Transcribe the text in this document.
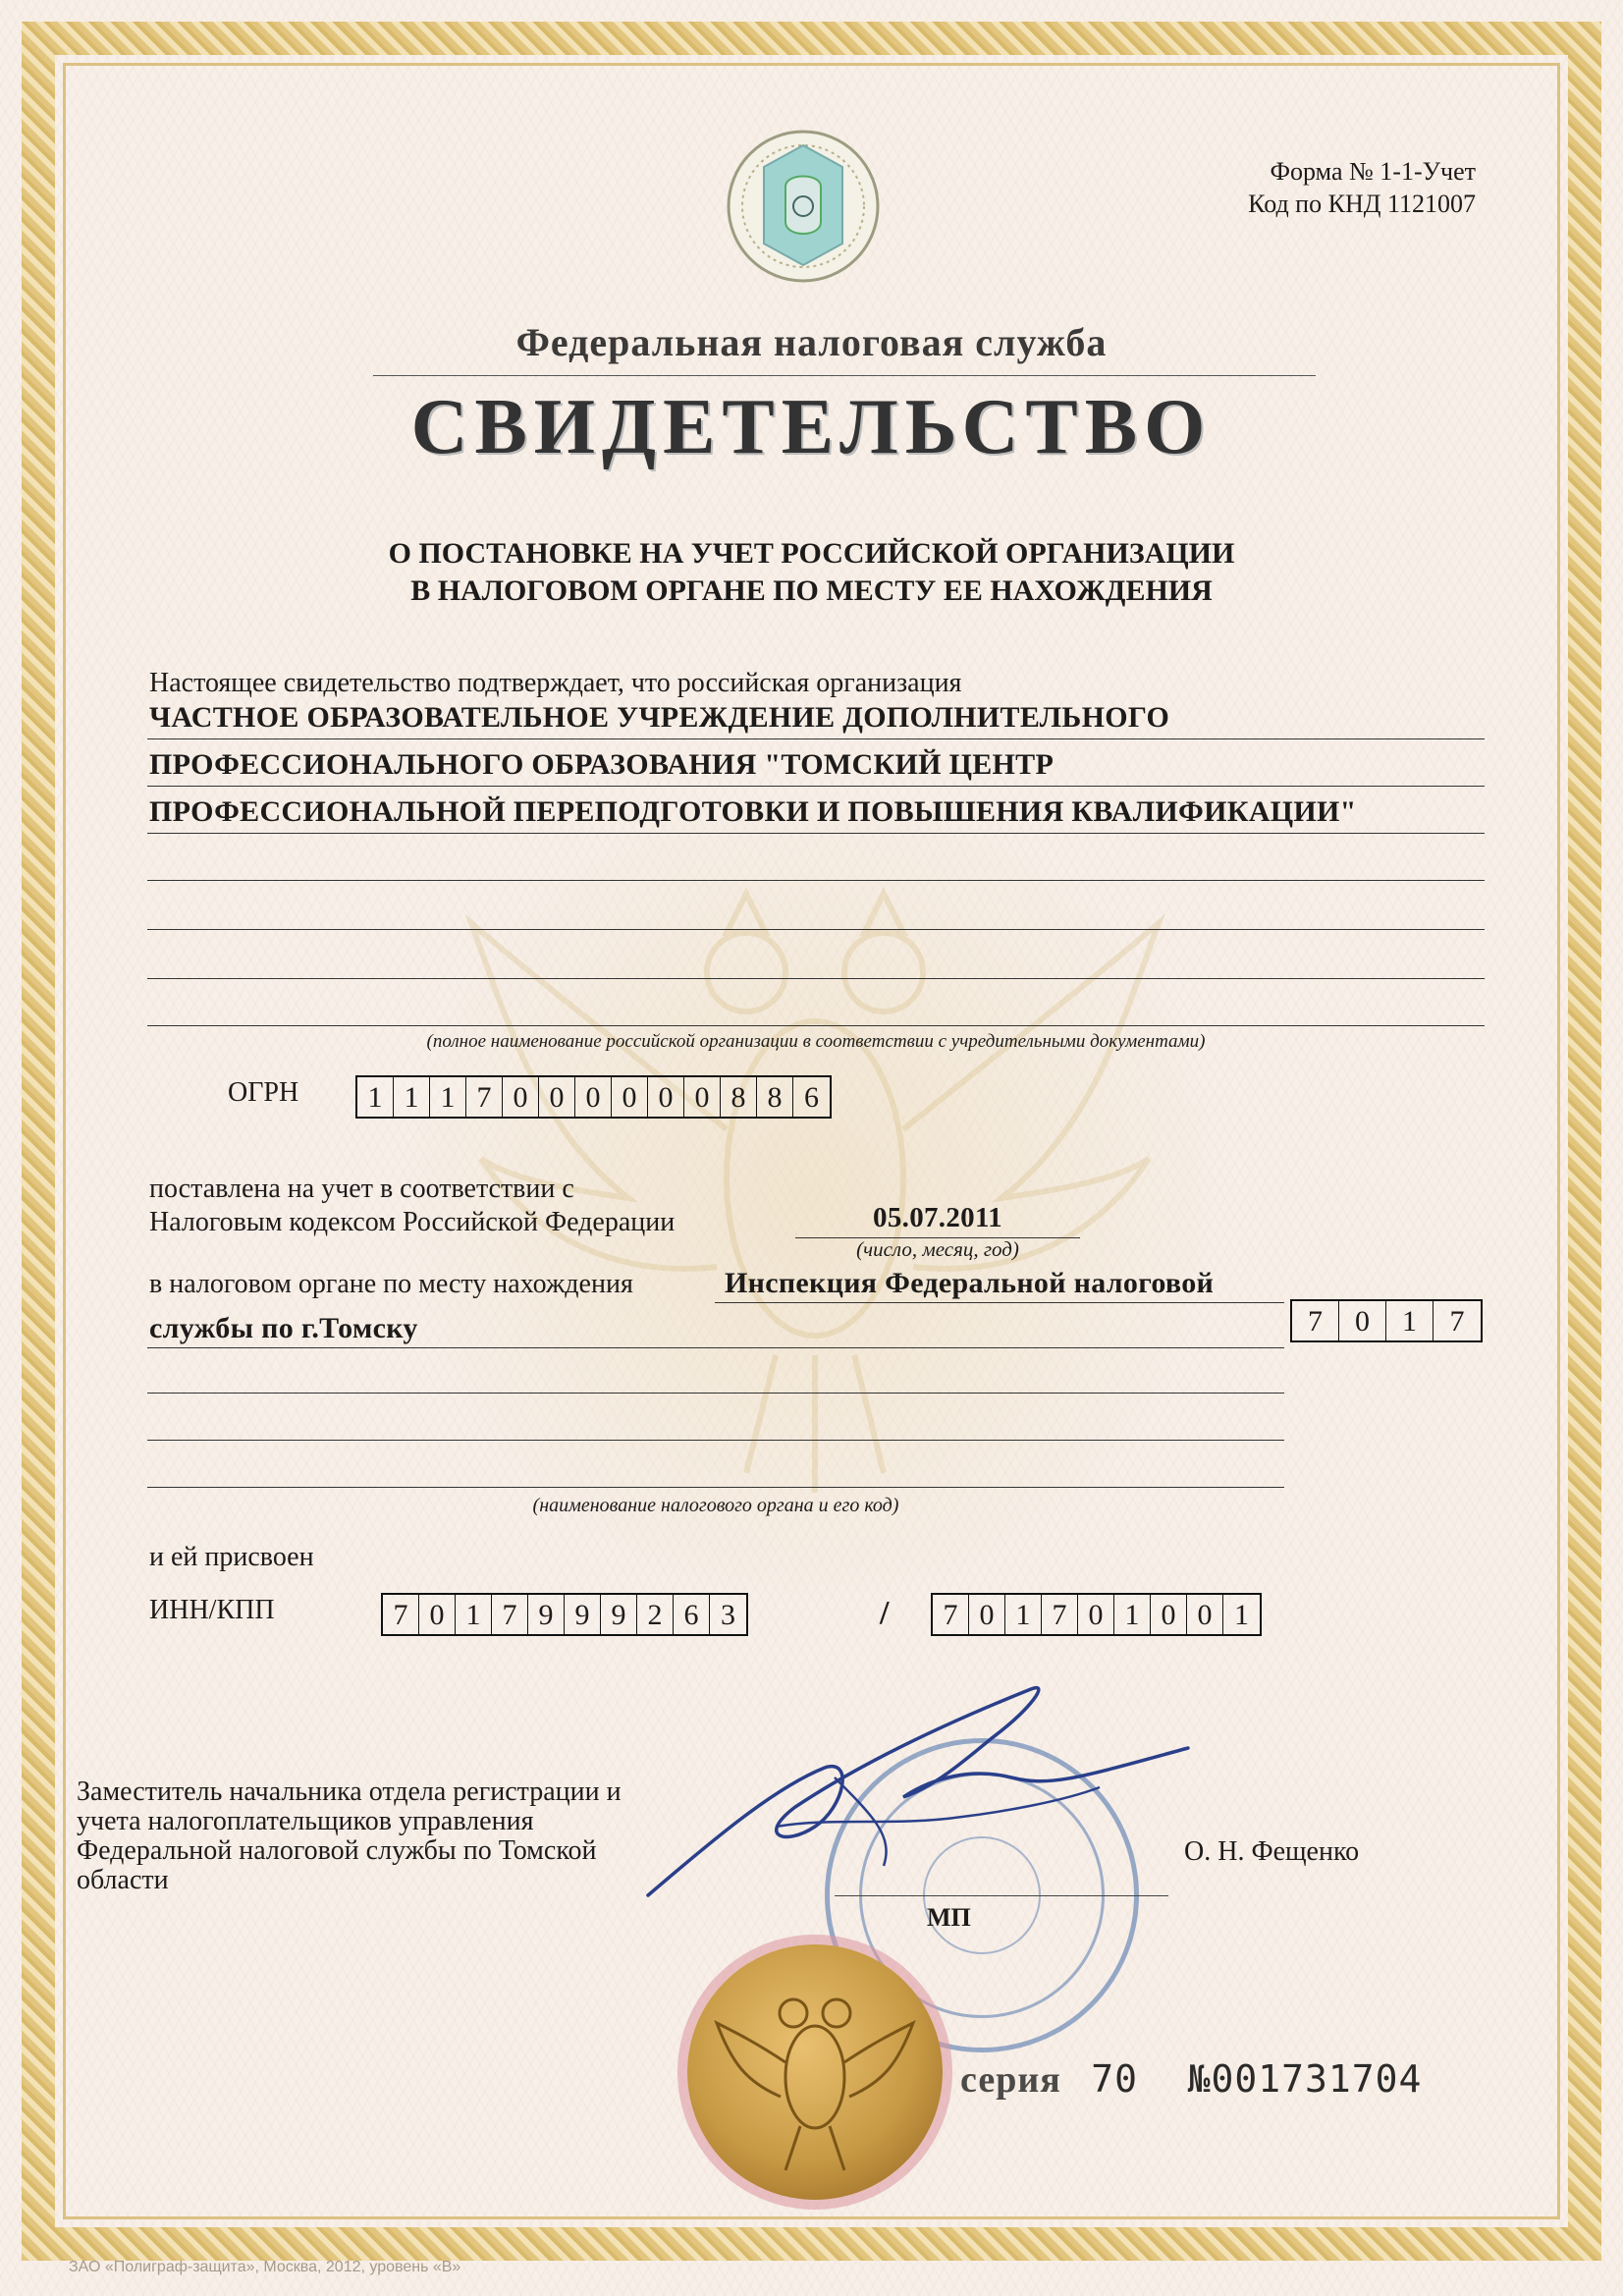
Форма № 1-1-Учет
Код по КНД 1121007
Федеральная налоговая служба
СВИДЕТЕЛЬСТВО
О ПОСТАНОВКЕ НА УЧЕТ РОССИЙСКОЙ ОРГАНИЗАЦИИ
В НАЛОГОВОМ ОРГАНЕ ПО МЕСТУ ЕЕ НАХОЖДЕНИЯ
Настоящее свидетельство подтверждает, что российская организация
ЧАСТНОЕ ОБРАЗОВАТЕЛЬНОЕ УЧРЕЖДЕНИЕ ДОПОЛНИТЕЛЬНОГО
ПРОФЕССИОНАЛЬНОГО ОБРАЗОВАНИЯ "ТОМСКИЙ ЦЕНТР
ПРОФЕССИОНАЛЬНОЙ ПЕРЕПОДГОТОВКИ И ПОВЫШЕНИЯ КВАЛИФИКАЦИИ"
(полное наименование российской организации в соответствии с учредительными документами)
ОГРН	1 1 1 7 0 0 0 0 0 0 8 8 6
поставлена на учет в соответствии с
Налоговым кодексом Российской Федерации	05.07.2011
(число, месяц, год)
в налоговом органе по месту нахождения	Инспекция Федеральной налоговой
службы по г.Томску	7	0	1	7
(наименование налогового органа и его код)
и ей присвоен
ИНН/КПП	7 0 1 7 9 9 9 2 6 3	/	7 0 1 7 0 1 0 0 1
Заместитель начальника отдела регистрации и
учета налогоплательщиков управления
Федеральной налоговой службы по Томской
области
О. Н. Фещенко
МП
серия 70 №001731704
ЗАО «Полиграф-защита», Москва, 2012, уровень «В»
